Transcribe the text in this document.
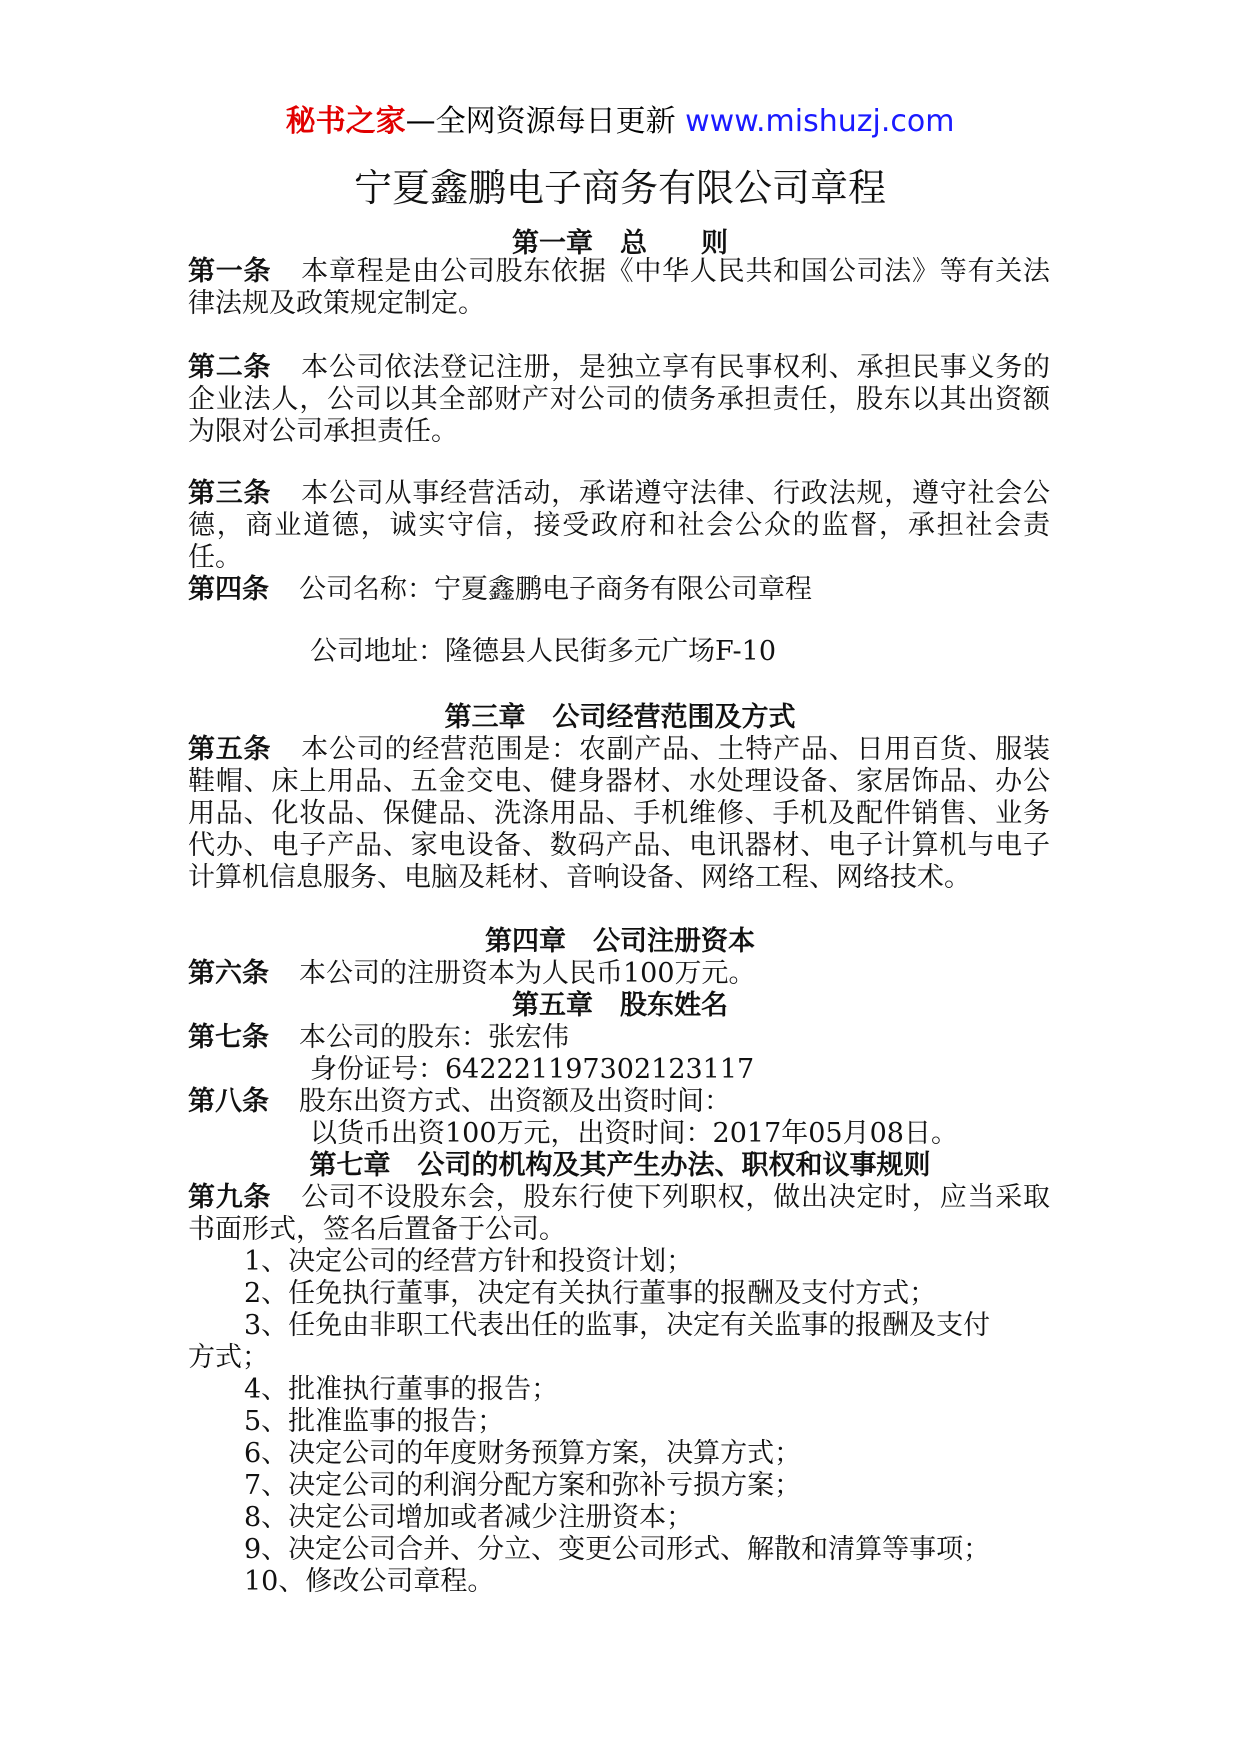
秘书之家—全网资源每日更新 www.mishuzj.com
宁夏鑫鹏电子商务有限公司章程
第一章　总　　则
第一条 本章程是由公司股东依据《中华人民共和国公司法》等有关法律法规及政策规定制定。
第二条 本公司依法登记注册，是独立享有民事权利、承担民事义务的企业法人，公司以其全部财产对公司的债务承担责任，股东以其出资额为限对公司承担责任。
第三条 本公司从事经营活动，承诺遵守法律、行政法规，遵守社会公德，商业道德，诚实守信，接受政府和社会公众的监督，承担社会责任。
第四条 公司名称：宁夏鑫鹏电子商务有限公司章程
公司地址：隆德县人民街多元广场F-10
第三章　公司经营范围及方式
第五条 本公司的经营范围是：农副产品、土特产品、日用百货、服装鞋帽、床上用品、五金交电、健身器材、水处理设备、家居饰品、办公用品、化妆品、保健品、洗涤用品、手机维修、手机及配件销售、业务代办、电子产品、家电设备、数码产品、电讯器材、电子计算机与电子计算机信息服务、电脑及耗材、音响设备、网络工程、网络技术。
第四章　公司注册资本
第六条 本公司的注册资本为人民币100万元。
第五章　股东姓名
第七条 本公司的股东：张宏伟
身份证号：642221197302123117
第八条 股东出资方式、出资额及出资时间：
以货币出资100万元，出资时间：2017年05月08日。
第七章　公司的机构及其产生办法、职权和议事规则
第九条 公司不设股东会，股东行使下列职权，做出决定时，应当采取书面形式，签名后置备于公司。
1、决定公司的经营方针和投资计划；
2、任免执行董事，决定有关执行董事的报酬及支付方式；
3、任免由非职工代表出任的监事，决定有关监事的报酬及支付
方式；
4、批准执行董事的报告；
5、批准监事的报告；
6、决定公司的年度财务预算方案，决算方式；
7、决定公司的利润分配方案和弥补亏损方案；
8、决定公司增加或者减少注册资本；
9、决定公司合并、分立、变更公司形式、解散和清算等事项；
10、修改公司章程。
